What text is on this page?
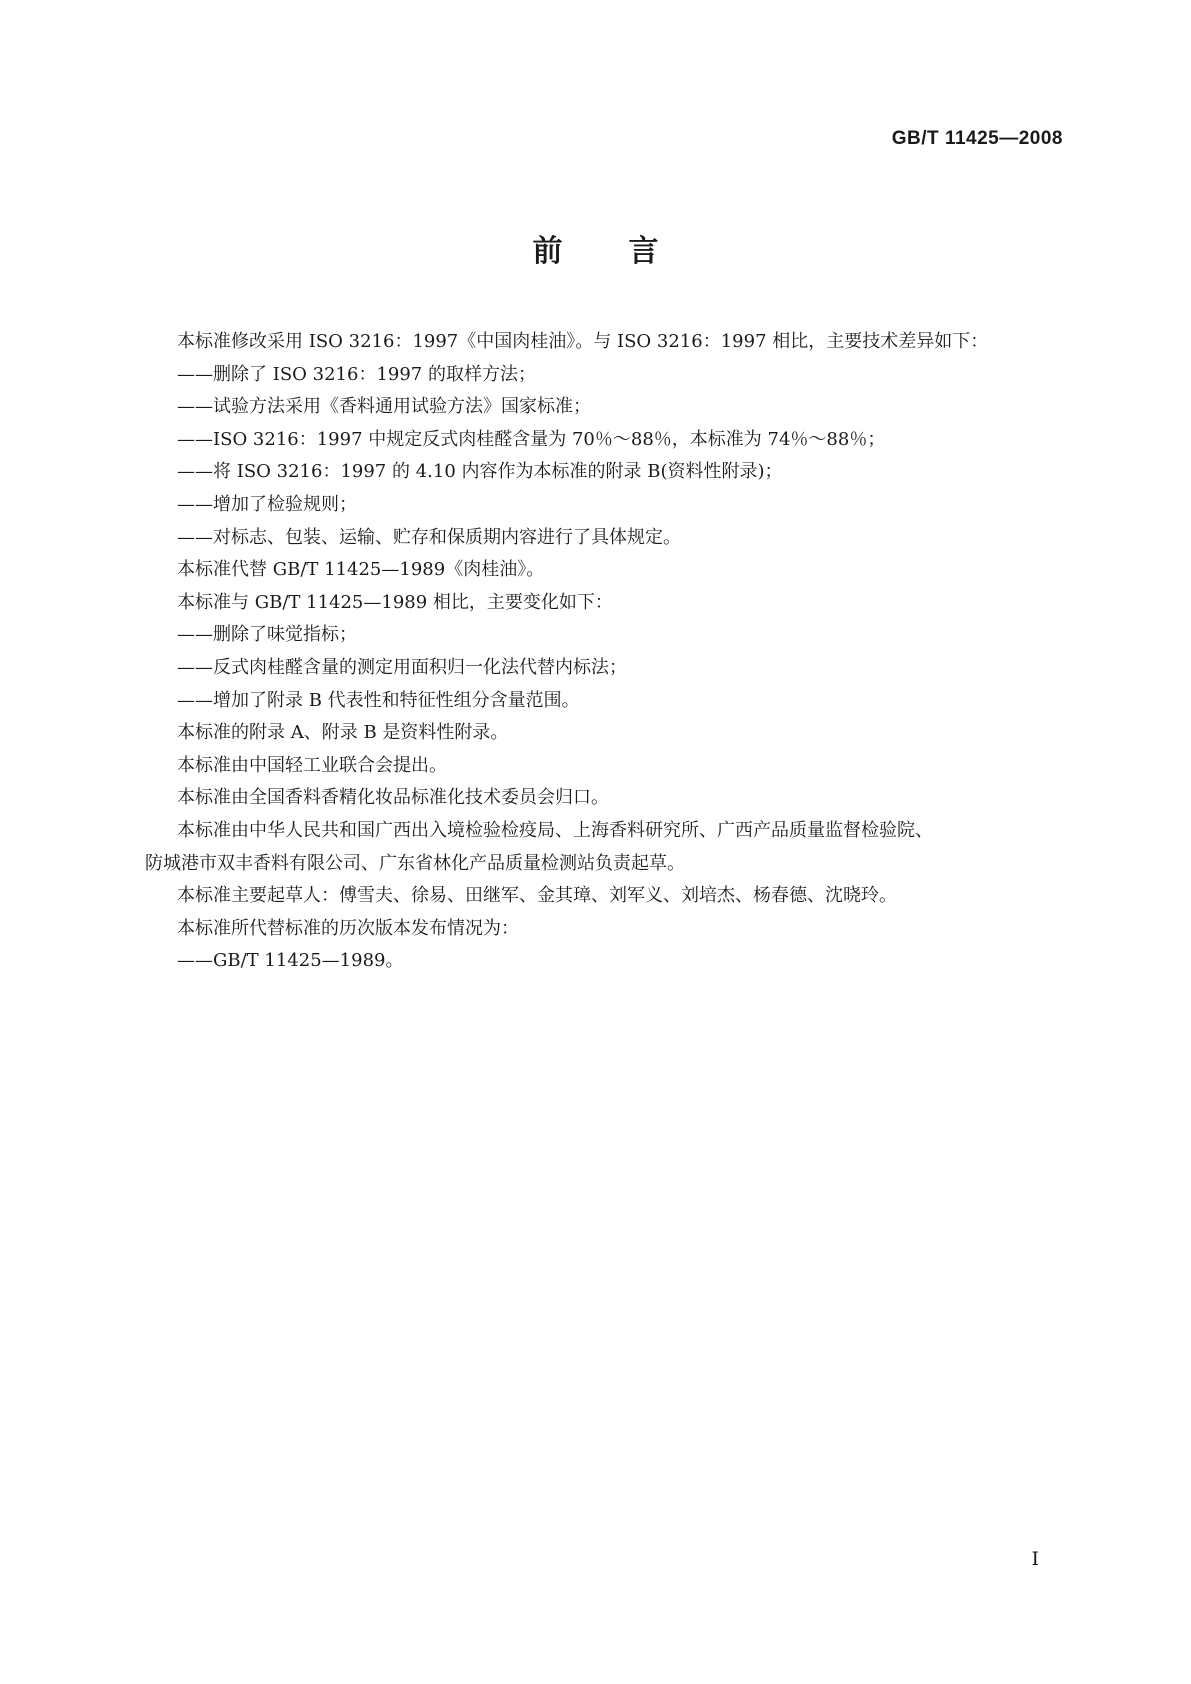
GB/T 11425—2008
前 言

本标准修改采用 ISO 3216：1997《中国肉桂油》。与 ISO 3216：1997 相比，主要技术差异如下：

——删除了 ISO 3216：1997 的取样方法；

——试验方法采用《香料通用试验方法》国家标准；

——ISO 3216：1997 中规定反式肉桂醛含量为 70％～88％，本标准为 74％～88％；

——将 ISO 3216：1997 的 4.10 内容作为本标准的附录 B(资料性附录)；

——增加了检验规则；

——对标志、包装、运输、贮存和保质期内容进行了具体规定。

本标准代替 GB/T 11425—1989《肉桂油》。

本标准与 GB/T 11425—1989 相比，主要变化如下：

——删除了味觉指标；

——反式肉桂醛含量的测定用面积归一化法代替内标法；

——增加了附录 B 代表性和特征性组分含量范围。

本标准的附录 A、附录 B 是资料性附录。

本标准由中国轻工业联合会提出。

本标准由全国香料香精化妆品标准化技术委员会归口。

本标准由中华人民共和国广西出入境检验检疫局、上海香料研究所、广西产品质量监督检验院、
防城港市双丰香料有限公司、广东省林化产品质量检测站负责起草。

本标准主要起草人：傅雪夫、徐易、田继军、金其璋、刘军义、刘培杰、杨春德、沈晓玲。

本标准所代替标准的历次版本发布情况为：

——GB/T 11425—1989。

I
